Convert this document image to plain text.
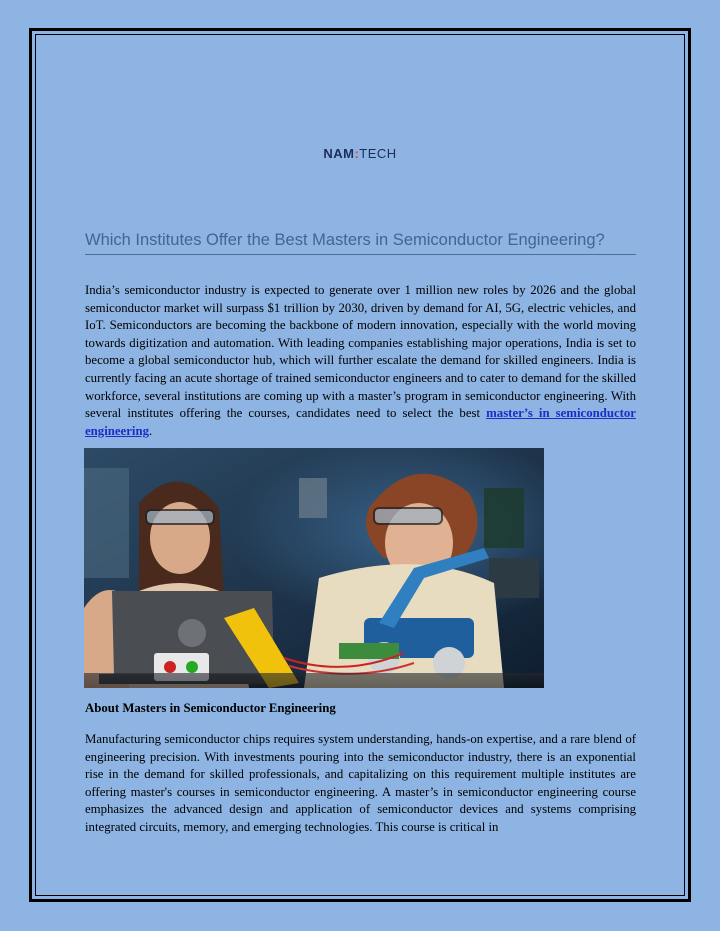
NAM:TECH
Which Institutes Offer the Best Masters in Semiconductor Engineering?

India’s semiconductor industry is expected to generate over 1 million new roles by 2026 and the global semiconductor market will surpass $1 trillion by 2030, driven by demand for AI, 5G, electric vehicles, and IoT. Semiconductors are becoming the backbone of modern innovation, especially with the world moving towards digitization and automation. With leading companies establishing major operations, India is set to become a global semiconductor hub, which will further escalate the demand for skilled engineers. India is currently facing an acute shortage of trained semiconductor engineers and to cater to demand for the skilled workforce, several institutions are coming up with a master’s program in semiconductor engineering. With several institutes offering the courses, candidates need to select the best master’s in semiconductor engineering.

About Masters in Semiconductor Engineering

Manufacturing semiconductor chips requires system understanding, hands-on expertise, and a rare blend of engineering precision. With investments pouring into the semiconductor industry, there is an exponential rise in the demand for skilled professionals, and capitalizing on this requirement multiple institutes are offering master's courses in semiconductor engineering. A master’s in semiconductor engineering course emphasizes the advanced design and application of semiconductor devices and systems comprising integrated circuits, memory, and emerging technologies. This course is critical in
